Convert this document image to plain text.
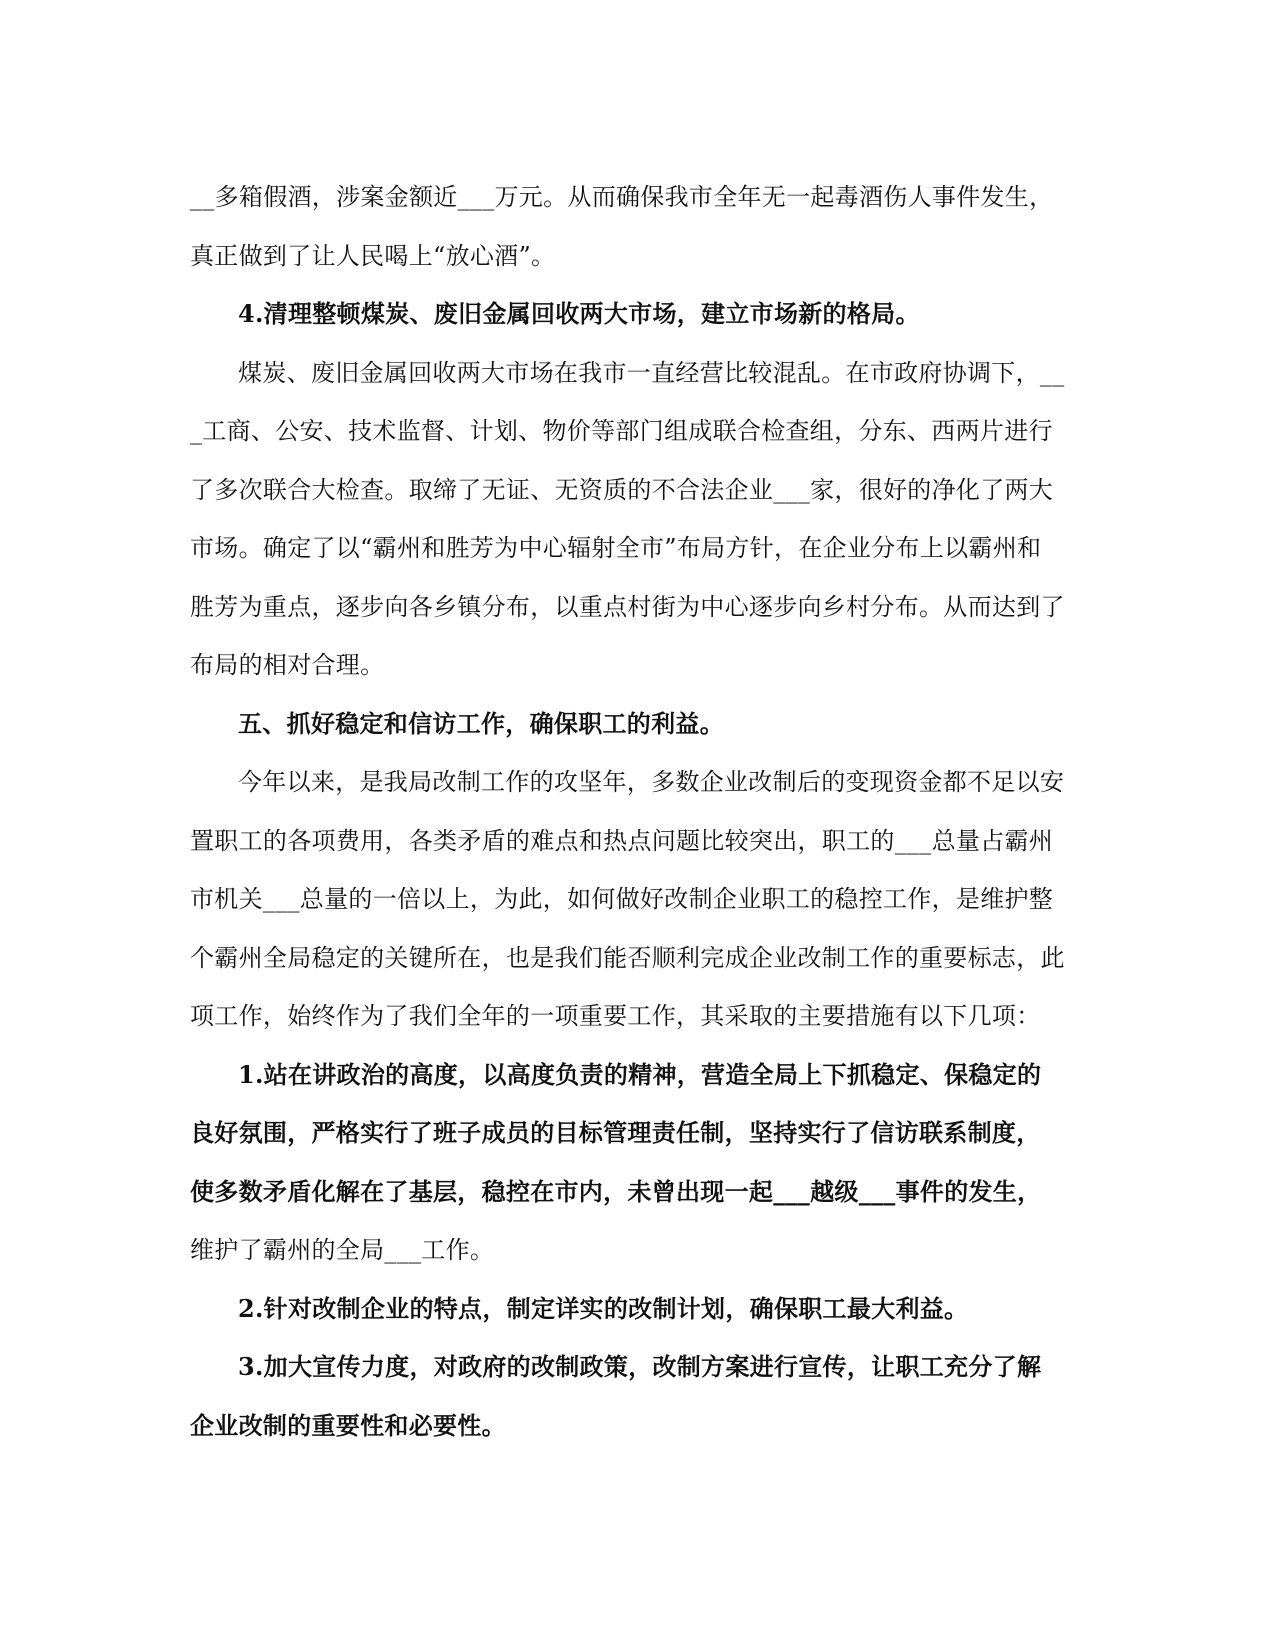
__多箱假酒，涉案金额近___万元。从而确保我市全年无一起毒酒伤人事件发生，
真正做到了让人民喝上“放心酒”。
4.清理整顿煤炭、废旧金属回收两大市场，建立市场新的格局。
煤炭、废旧金属回收两大市场在我市一直经营比较混乱。在市政府协调下，__
_工商、公安、技术监督、计划、物价等部门组成联合检查组，分东、西两片进行
了多次联合大检查。取缔了无证、无资质的不合法企业___家，很好的净化了两大
市场。确定了以“霸州和胜芳为中心辐射全市”布局方针，在企业分布上以霸州和
胜芳为重点，逐步向各乡镇分布，以重点村街为中心逐步向乡村分布。从而达到了
布局的相对合理。
五、抓好稳定和信访工作，确保职工的利益。
今年以来，是我局改制工作的攻坚年，多数企业改制后的变现资金都不足以安
置职工的各项费用，各类矛盾的难点和热点问题比较突出，职工的___总量占霸州
市机关___总量的一倍以上，为此，如何做好改制企业职工的稳控工作，是维护整
个霸州全局稳定的关键所在，也是我们能否顺利完成企业改制工作的重要标志，此
项工作，始终作为了我们全年的一项重要工作，其采取的主要措施有以下几项：
1.站在讲政治的高度，以高度负责的精神，营造全局上下抓稳定、保稳定的
良好氛围，严格实行了班子成员的目标管理责任制，坚持实行了信访联系制度，
使多数矛盾化解在了基层，稳控在市内，未曾出现一起___越级___事件的发生，
维护了霸州的全局___工作。
2.针对改制企业的特点，制定详实的改制计划，确保职工最大利益。
3.加大宣传力度，对政府的改制政策，改制方案进行宣传，让职工充分了解
企业改制的重要性和必要性。
